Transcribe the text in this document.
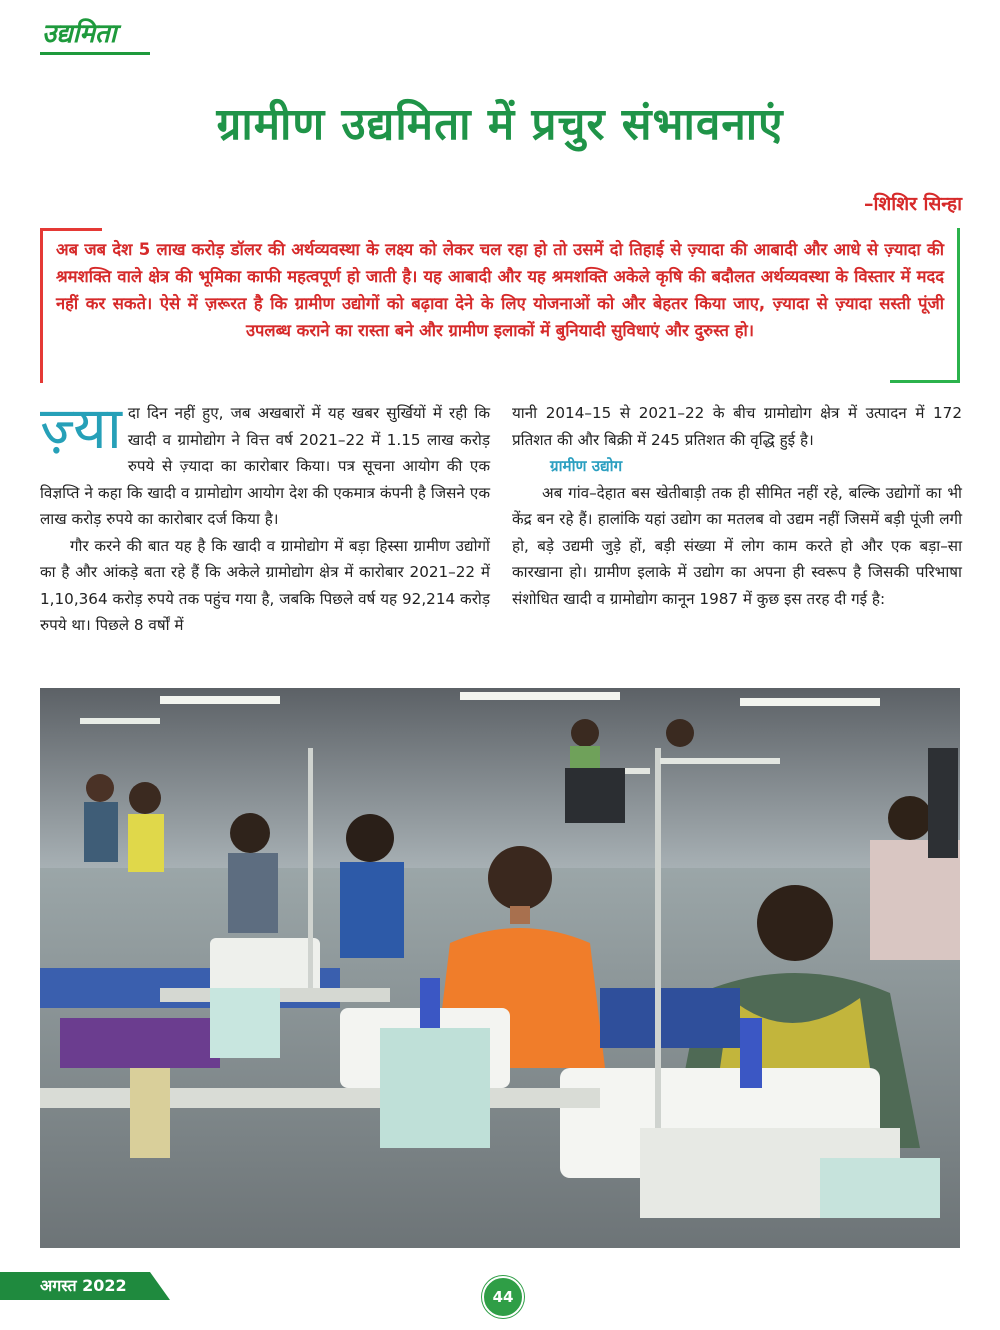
उद्यमिता
ग्रामीण उद्यमिता में प्रचुर संभावनाएं
–शिशिर सिन्हा
अब जब देश 5 लाख करोड़ डॉलर की अर्थव्यवस्था के लक्ष्य को लेकर चल रहा हो तो उसमें दो तिहाई से ज़्यादा की आबादी और आधे से ज़्यादा की श्रमशक्ति वाले क्षेत्र की भूमिका काफी महत्वपूर्ण हो जाती है। यह आबादी और यह श्रमशक्ति अकेले कृषि की बदौलत अर्थव्यवस्था के विस्तार में मदद नहीं कर सकते। ऐसे में ज़रूरत है कि ग्रामीण उद्योगों को बढ़ावा देने के लिए योजनाओं को और बेहतर किया जाए, ज़्यादा से ज़्यादा सस्ती पूंजी उपलब्ध कराने का रास्ता बने और ग्रामीण इलाकों में बुनियादी सुविधाएं और दुरुस्त हो।

ज़्या दा दिन नहीं हुए, जब अखबारों में यह खबर सुर्खियों में रही कि खादी व ग्रामोद्योग ने वित्त वर्ष 2021–22 में 1.15 लाख करोड़ रुपये से ज़्यादा का कारोबार किया। पत्र सूचना आयोग की एक विज्ञप्ति ने कहा कि खादी व ग्रामोद्योग आयोग देश की एकमात्र कंपनी है जिसने एक लाख करोड़ रुपये का कारोबार दर्ज किया है।

गौर करने की बात यह है कि खादी व ग्रामोद्योग में बड़ा हिस्सा ग्रामीण उद्योगों का है और आंकड़े बता रहे हैं कि अकेले ग्रामोद्योग क्षेत्र में कारोबार 2021–22 में 1,10,364 करोड़ रुपये तक पहुंच गया है, जबकि पिछले वर्ष यह 92,214 करोड़ रुपये था। पिछले 8 वर्षों में

यानी 2014–15 से 2021–22 के बीच ग्रामोद्योग क्षेत्र में उत्पादन में 172 प्रतिशत की और बिक्री में 245 प्रतिशत की वृद्धि हुई है।

ग्रामीण उद्योग

अब गांव–देहात बस खेतीबाड़ी तक ही सीमित नहीं रहे, बल्कि उद्योगों का भी केंद्र बन रहे हैं। हालांकि यहां उद्योग का मतलब वो उद्यम नहीं जिसमें बड़ी पूंजी लगी हो, बड़े उद्यमी जुड़े हों, बड़ी संख्या में लोग काम करते हो और एक बड़ा–सा कारखाना हो। ग्रामीण इलाके में उद्योग का अपना ही स्वरूप है जिसकी परिभाषा संशोधित खादी व ग्रामोद्योग कानून 1987 में कुछ इस तरह दी गई है:

अगस्त 2022
44
